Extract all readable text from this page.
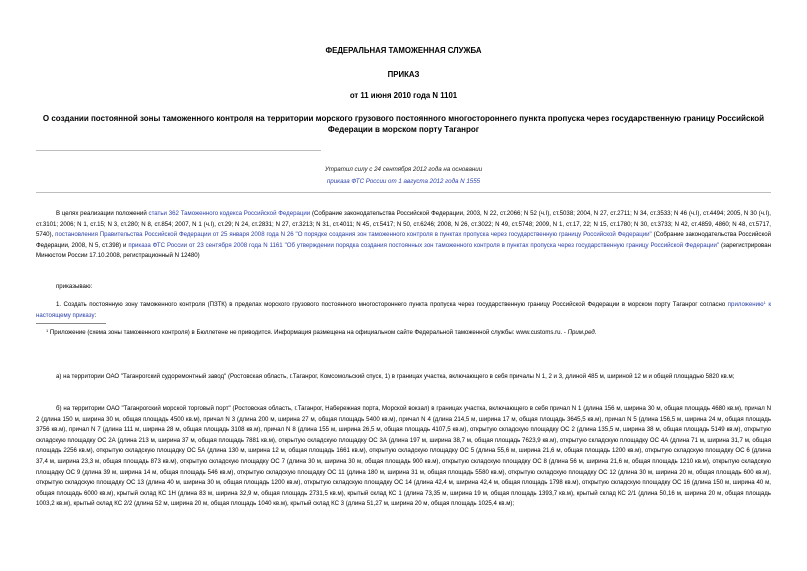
ФЕДЕРАЛЬНАЯ ТАМОЖЕННАЯ СЛУЖБА
ПРИКАЗ
от 11 июня 2010 года N 1101
О создании постоянной зоны таможенного контроля на территории морского грузового постоянного многостороннего пункта пропуска через государственную границу Российской Федерации в морском порту Таганрог
Утратил силу с 24 сентября 2012 года на основании
приказа ФТС России от 1 августа 2012 года N 1555
В целях реализации положений статьи 362 Таможенного кодекса Российской Федерации (Собрание законодательства Российской Федерации, 2003, N 22, ст.2066; N 52 (ч.I), ст.5038; 2004, N 27, ст.2711; N 34, ст.3533; N 46 (ч.I), ст.4494; 2005, N 30 (ч.I), ст.3101; 2006; N 1, ст.15; N 3, ст.280; N 8, ст.854; 2007, N 1 (ч.I), ст.29; N 24, ст.2831; N 27, ст.3213; N 31, ст.4011; N 45, ст.5417; N 50, ст.6246; 2008, N 26, ст.3022; N 49, ст.5748; 2009, N 1, ст.17, 22; N 15, ст.1780; N 30, ст.3733; N 42, ст.4859, 4860; N 48, ст.5717, 5740), постановления Правительства Российской Федерации от 25 января 2008 года N 26 "О порядке создания зон таможенного контроля в пунктах пропуска через государственную границу Российской Федерации" (Собрание законодательства Российской Федерации, 2008, N 5, ст.398) и приказа ФТС России от 23 сентября 2008 года N 1161 "Об утверждении порядка создания постоянных зон таможенного контроля в пунктах пропуска через государственную границу Российской Федерации" (зарегистрирован Минюстом России 17.10.2008, регистрационный N 12480)
приказываю:
1. Создать постоянную зону таможенного контроля (ПЗТК) в пределах морского грузового постоянного многостороннего пункта пропуска через государственную границу Российской Федерации в морском порту Таганрог согласно приложению$^1$ к настоящему приказу:
$^1$ Приложение (схема зоны таможенного контроля) в Бюллетене не приводится. Информация размещена на официальном сайте Федеральной таможенной службы: www.customs.ru. - Прим.ред.
а) на территории ОАО "Таганрогский судоремонтный завод" (Ростовская область, г.Таганрог, Комсомольский спуск, 1) в границах участка, включающего в себя причалы N 1, 2 и 3, длиной 485 м, шириной 12 м и общей площадью 5820 кв.м;
б) на территории ОАО "Таганрогский морской торговый порт" (Ростовская область, г.Таганрог, Набережная порта, Морской вокзал) в границах участка, включающего в себя причал N 1 (длина 156 м, ширина 30 м, общая площадь 4680 кв.м), причал N 2 (длина 150 м, ширина 30 м, общая площадь 4500 кв.м), причал N 3 (длина 200 м, ширина 27 м, общая площадь 5400 кв.м), причал N 4 (длина 214,5 м, ширина 17 м, общая площадь 3645,5 кв.м), причал N 5 (длина 156,5 м, ширина 24 м, общая площадь 3756 кв.м), причал N 7 (длина 111 м, ширина 28 м, общая площадь 3108 кв.м), причал N 8 (длина 155 м, ширина 26,5 м, общая площадь 4107,5 кв.м), открытую складскую площадку ОС 2 (длина 135,5 м, ширина 38 м, общая площадь 5149 кв.м), открытую складскую площадку ОС 2А (длина 213 м, ширина 37 м, общая площадь 7881 кв.м), открытую складскую площадку ОС 3А (длина 197 м, ширина 38,7 м, общая площадь 7623,9 кв.м), открытую складскую площадку ОС 4А (длина 71 м, ширина 31,7 м, общая площадь 2256 кв.м), открытую складскую площадку ОС 5А (длина 130 м, ширина 12 м, общая площадь 1661 кв.м), открытую складскую площадку ОС 5 (длина 55,6 м, ширина 21,6 м, общая площадь 1200 кв.м), открытую складскую площадку ОС 6 (длина 37,4 м, ширина 23,3 м, общая площадь 873 кв.м), открытую складскую площадку ОС 7 (длина 30 м, ширина 30 м, общая площадь 900 кв.м), открытую складскую площадку ОС 8 (длина 56 м, ширина 21,6 м, общая площадь 1210 кв.м), открытую складскую площадку ОС 9 (длина 39 м, ширина 14 м, общая площадь 546 кв.м), открытую складскую площадку ОС 11 (длина 180 м, ширина 31 м, общая площадь 5580 кв.м), открытую складскую площадку ОС 12 (длина 30 м, ширина 20 м, общая площадь 600 кв.м), открытую складскую площадку ОС 13 (длина 40 м, ширина 30 м, общая площадь 1200 кв.м), открытую складскую площадку ОС 14 (длина 42,4 м, ширина 42,4 м, общая площадь 1798 кв.м), открытую складскую площадку ОС 16 (длина 150 м, ширина 40 м, общая площадь 6000 кв.м), крытый склад КС 1Н (длина 83 м, ширина 32,9 м, общая площадь 2731,5 кв.м), крытый склад КС 1 (длина 73,35 м, ширина 19 м, общая площадь 1393,7 кв.м), крытый склад КС 2/1 (длина 50,16 м, ширина 20 м, общая площадь 1003,2 кв.м), крытый склад КС 2/2 (длина 52 м, ширина 20 м, общая площадь 1040 кв.м), крытый склад КС 3 (длина 51,27 м, ширина 20 м, общая площадь 1025,4 кв.м);
